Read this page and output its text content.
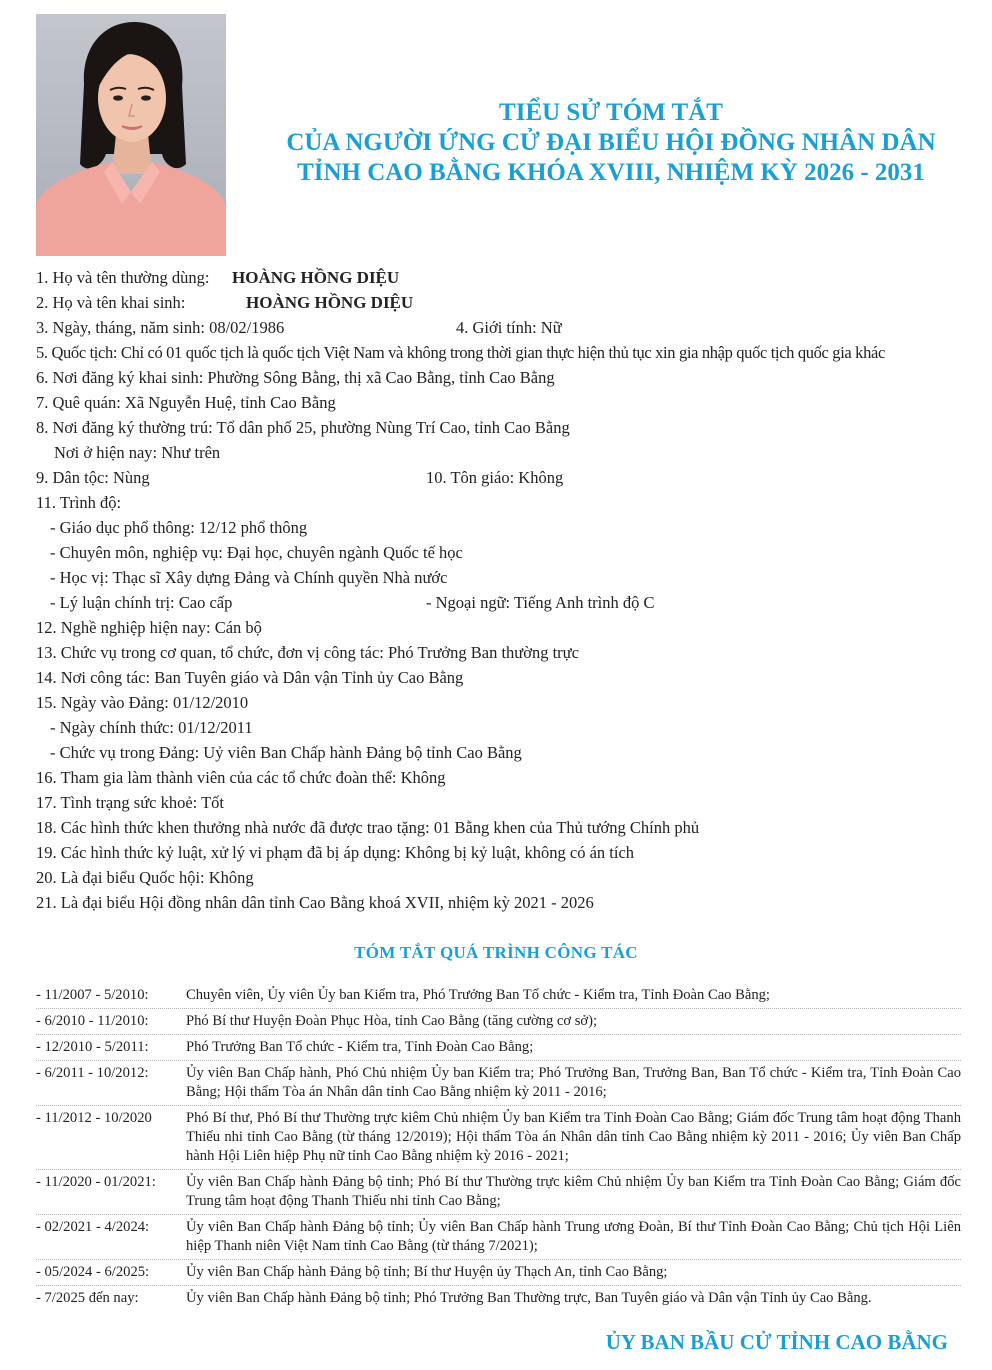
TIỂU SỬ TÓM TẮT
CỦA NGƯỜI ỨNG CỬ ĐẠI BIỂU HỘI ĐỒNG NHÂN DÂN
TỈNH CAO BẰNG KHÓA XVIII, NHIỆM KỲ 2026 - 2031
1. Họ và tên thường dùng: HOÀNG HỒNG DIỆU
2. Họ và tên khai sinh:	HOÀNG HỒNG DIỆU
3. Ngày, tháng, năm sinh: 08/02/1986	4. Giới tính: Nữ
5. Quốc tịch: Chỉ có 01 quốc tịch là quốc tịch Việt Nam và không trong thời gian thực hiện thủ tục xin gia nhập quốc tịch quốc gia khác
6. Nơi đăng ký khai sinh: Phường Sông Bằng, thị xã Cao Bằng, tỉnh Cao Bằng
7. Quê quán: Xã Nguyễn Huệ, tỉnh Cao Bằng
8. Nơi đăng ký thường trú: Tổ dân phố 25, phường Nùng Trí Cao, tỉnh Cao Bằng
Nơi ở hiện nay: Như trên
9. Dân tộc: Nùng	10. Tôn giáo: Không
11. Trình độ:
- Giáo dục phổ thông: 12/12 phổ thông
- Chuyên môn, nghiệp vụ: Đại học, chuyên ngành Quốc tế học
- Học vị: Thạc sĩ Xây dựng Đảng và Chính quyền Nhà nước
- Lý luận chính trị: Cao cấp	- Ngoại ngữ: Tiếng Anh trình độ C
12. Nghề nghiệp hiện nay: Cán bộ
13. Chức vụ trong cơ quan, tổ chức, đơn vị công tác: Phó Trưởng Ban thường trực
14. Nơi công tác: Ban Tuyên giáo và Dân vận Tỉnh ủy Cao Bằng
15. Ngày vào Đảng: 01/12/2010
- Ngày chính thức: 01/12/2011
- Chức vụ trong Đảng: Uỷ viên Ban Chấp hành Đảng bộ tỉnh Cao Bằng
16. Tham gia làm thành viên của các tổ chức đoàn thể: Không
17. Tình trạng sức khoẻ: Tốt
18. Các hình thức khen thưởng nhà nước đã được trao tặng: 01 Bằng khen của Thủ tướng Chính phủ
19. Các hình thức kỷ luật, xử lý vi phạm đã bị áp dụng: Không bị kỷ luật, không có án tích
20. Là đại biểu Quốc hội: Không
21. Là đại biểu Hội đồng nhân dân tỉnh Cao Bằng khoá XVII, nhiệm kỳ 2021 - 2026
TÓM TẮT QUÁ TRÌNH CÔNG TÁC
- 11/2007 - 5/2010:	Chuyên viên, Ủy viên Ủy ban Kiểm tra, Phó Trưởng Ban Tổ chức - Kiểm tra, Tỉnh Đoàn Cao Bằng;
- 6/2010 - 11/2010:	Phó Bí thư Huyện Đoàn Phục Hòa, tỉnh Cao Bằng (tăng cường cơ sở);
- 12/2010 - 5/2011:	Phó Trưởng Ban Tổ chức - Kiểm tra, Tỉnh Đoàn Cao Bằng;
- 6/2011 - 10/2012:	Ủy viên Ban Chấp hành, Phó Chủ nhiệm Ủy ban Kiểm tra; Phó Trưởng Ban, Trưởng Ban, Ban Tổ chức - Kiểm tra, Tỉnh Đoàn Cao Bằng; Hội thẩm Tòa án Nhân dân tỉnh Cao Bằng nhiệm kỳ 2011 - 2016;
- 11/2012 - 10/2020	Phó Bí thư, Phó Bí thư Thường trực kiêm Chủ nhiệm Ủy ban Kiểm tra Tỉnh Đoàn Cao Bằng; Giám đốc Trung tâm hoạt động Thanh Thiếu nhi tỉnh Cao Bằng (từ tháng 12/2019); Hội thẩm Tòa án Nhân dân tỉnh Cao Bằng nhiệm kỳ 2011 - 2016; Ủy viên Ban Chấp hành Hội Liên hiệp Phụ nữ tỉnh Cao Bằng nhiệm kỳ 2016 - 2021;
- 11/2020 - 01/2021:	Ủy viên Ban Chấp hành Đảng bộ tỉnh; Phó Bí thư Thường trực kiêm Chủ nhiệm Ủy ban Kiểm tra Tỉnh Đoàn Cao Bằng; Giám đốc Trung tâm hoạt động Thanh Thiếu nhi tỉnh Cao Bằng;
- 02/2021 - 4/2024:	Ủy viên Ban Chấp hành Đảng bộ tỉnh; Ủy viên Ban Chấp hành Trung ương Đoàn, Bí thư Tỉnh Đoàn Cao Bằng; Chủ tịch Hội Liên hiệp Thanh niên Việt Nam tỉnh Cao Bằng (từ tháng 7/2021);
- 05/2024 - 6/2025:	Ủy viên Ban Chấp hành Đảng bộ tỉnh; Bí thư Huyện ủy Thạch An, tỉnh Cao Bằng;
- 7/2025 đến nay:	Ủy viên Ban Chấp hành Đảng bộ tỉnh; Phó Trưởng Ban Thường trực, Ban Tuyên giáo và Dân vận Tỉnh ủy Cao Bằng.
ỦY BAN BẦU CỬ TỈNH CAO BẰNG
